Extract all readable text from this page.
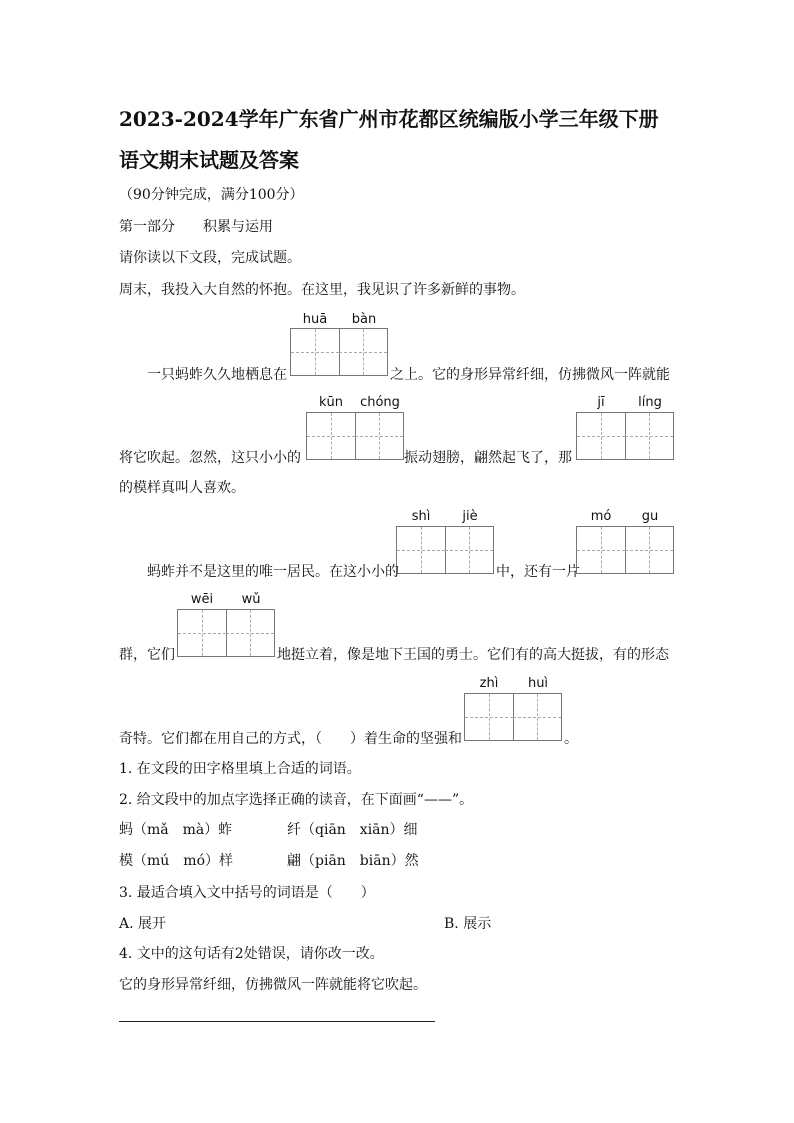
2023-2024学年广东省广州市花都区统编版小学三年级下册
语文期末试题及答案
（90分钟完成，满分100分）
第一部分　　积累与运用
请你读以下文段，完成试题。
周末，我投入大自然的怀抱。在这里，我见识了许多新鲜的事物。
huā	bàn
一只蚂蚱久久地栖息在	之上。它的身形异常纤细，仿拂微风一阵就能
kūn	chóng	jī	líng
将它吹起。忽然，这只小小的	振动翅膀，翩然起飞了，那
的模样真叫人喜欢。
shì	jiè	mó	gu
蚂蚱并不是这里的唯一居民。在这小小的	中，还有一片
wēi	wǔ
群，它们	地挺立着，像是地下王国的勇士。它们有的高大挺拔，有的形态
zhì	huì
奇特。它们都在用自己的方式，（　　）着生命的坚强和	。
1. 在文段的田字格里填上合适的词语。
2. 给文段中的加点字选择正确的读音，在下面画“——”。
蚂（mǎ　mà）蚱	纤（qiān　xiān）细
模（mú　mó）样	翩（piān　biān）然
3. 最适合填入文中括号的词语是（　　）
A. 展开	B. 展示
4. 文中的这句话有2处错误，请你改一改。
它的身形异常纤细，仿拂微风一阵就能将它吹起。
